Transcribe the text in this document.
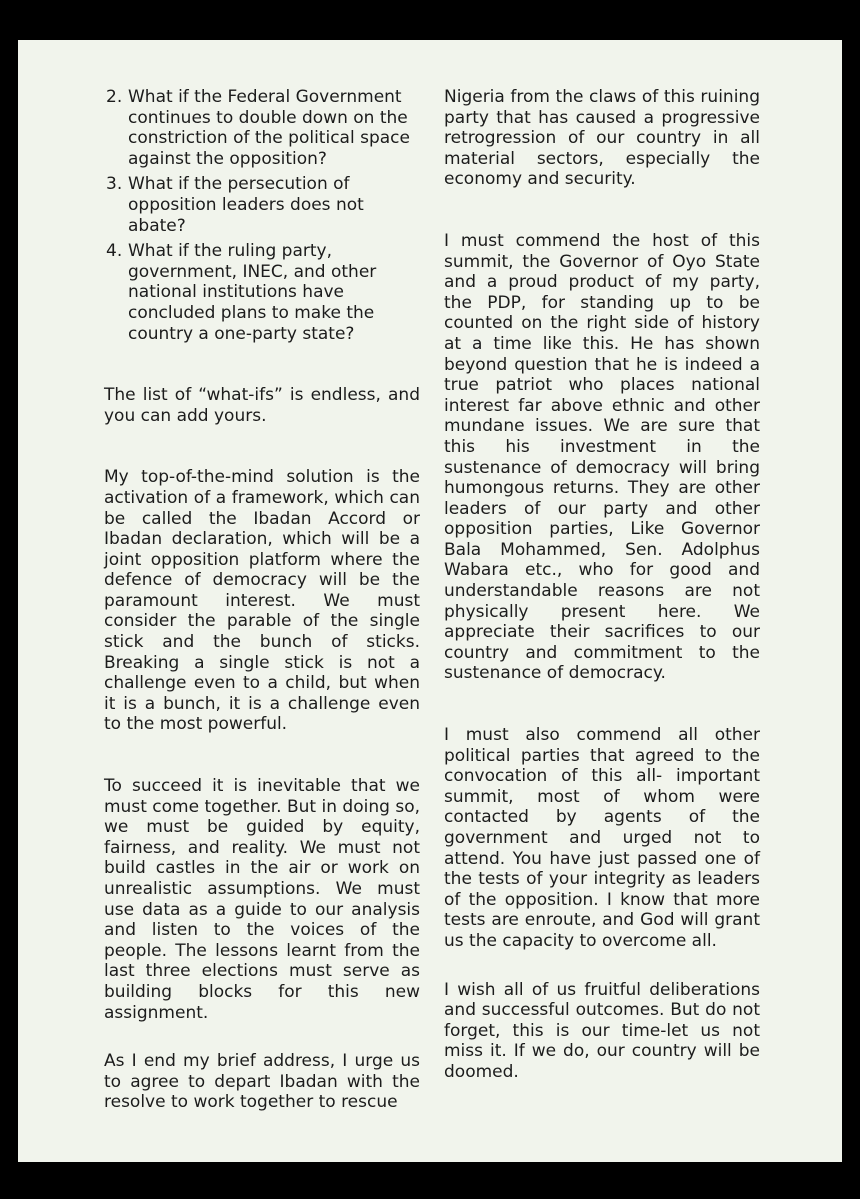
2. What if the Federal Government continues to double down on the constriction of the political space against the opposition?
3. What if the persecution of opposition leaders does not abate?
4. What if the ruling party, government, INEC, and other national institutions have concluded plans to make the country a one-party state?

The list of “what-ifs” is endless, and you can add yours.

My top-of-the-mind solution is the activation of a framework, which can be called the Ibadan Accord or Ibadan declaration, which will be a joint opposition platform where the defence of democracy will be the paramount interest. We must consider the parable of the single stick and the bunch of sticks. Breaking a single stick is not a challenge even to a child, but when it is a bunch, it is a challenge even to the most powerful.

To succeed it is inevitable that we must come together. But in doing so, we must be guided by equity, fairness, and reality. We must not build castles in the air or work on unrealistic assumptions. We must use data as a guide to our analysis and listen to the voices of the people. The lessons learnt from the last three elections must serve as building blocks for this new assignment.

As I end my brief address, I urge us to agree to depart Ibadan with the resolve to work together to rescue

Nigeria from the claws of this ruining party that has caused a progressive retrogression of our country in all material sectors, especially the economy and security.

I must commend the host of this summit, the Governor of Oyo State and a proud product of my party, the PDP, for standing up to be counted on the right side of history at a time like this. He has shown beyond question that he is indeed a true patriot who places national interest far above ethnic and other mundane issues. We are sure that this his investment in the sustenance of democracy will bring humongous returns. They are other leaders of our party and other opposition parties, Like Governor Bala Mohammed, Sen. Adolphus Wabara etc., who for good and understandable reasons are not physically present here. We appreciate their sacrifices to our country and commitment to the sustenance of democracy.

I must also commend all other political parties that agreed to the convocation of this all- important summit, most of whom were contacted by agents of the government and urged not to attend. You have just passed one of the tests of your integrity as leaders of the opposition. I know that more tests are enroute, and God will grant us the capacity to overcome all.

I wish all of us fruitful deliberations and successful outcomes. But do not forget, this is our time-let us not miss it. If we do, our country will be doomed.
